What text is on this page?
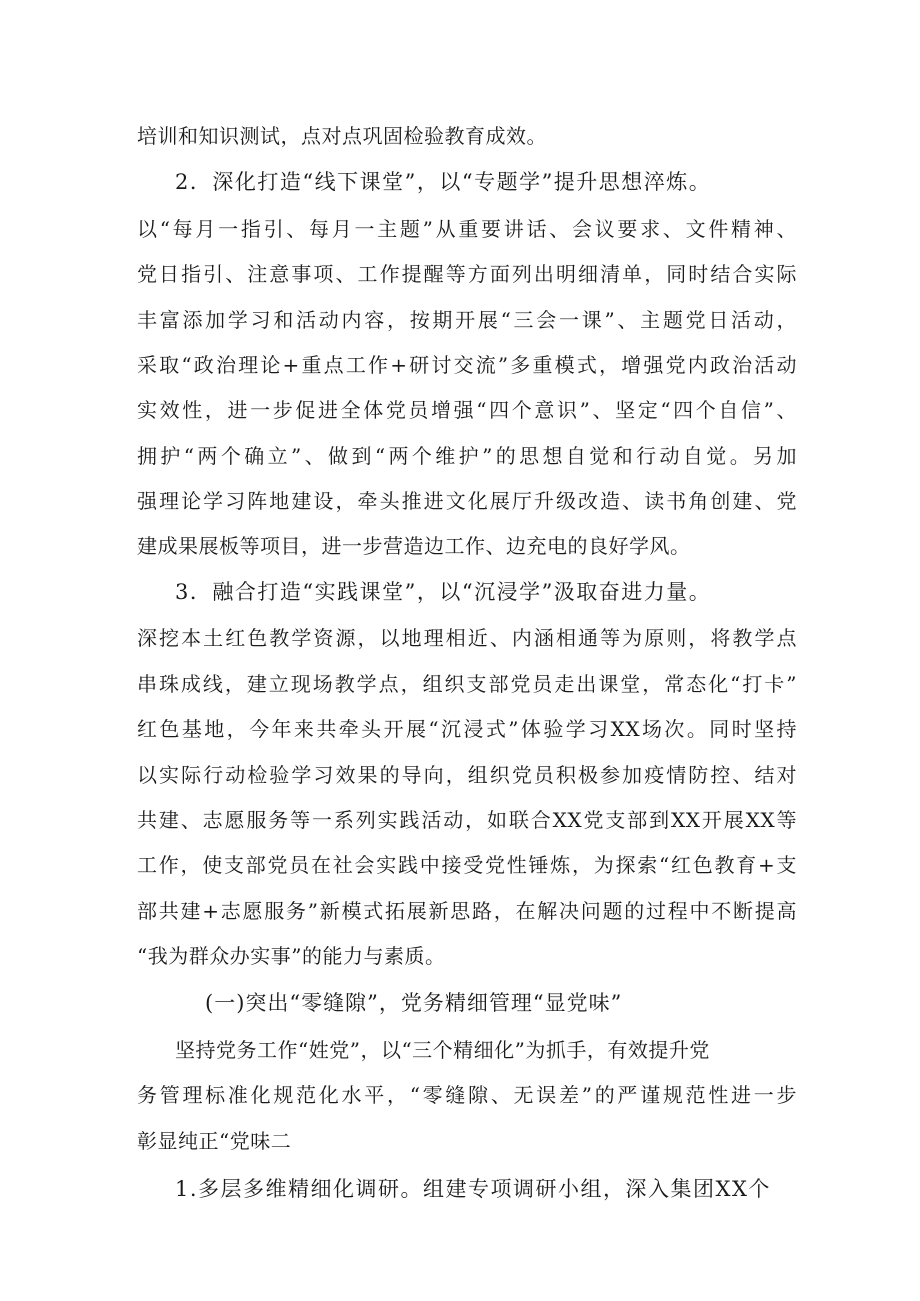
培训和知识测试，点对点巩固检验教育成效。
2．深化打造“线下课堂”，以“专题学”提升思想淬炼。
以“每月一指引、每月一主题”从重要讲话、会议要求、文件精神、
党日指引、注意事项、工作提醒等方面列出明细清单，同时结合实际
丰富添加学习和活动内容，按期开展“三会一课”、主题党日活动，
采取“政治理论+重点工作+研讨交流”多重模式，增强党内政治活动
实效性，进一步促进全体党员增强“四个意识”、坚定“四个自信”、
拥护“两个确立”、做到“两个维护”的思想自觉和行动自觉。另加
强理论学习阵地建设，牵头推进文化展厅升级改造、读书角创建、党
建成果展板等项目，进一步营造边工作、边充电的良好学风。
3．融合打造“实践课堂”，以“沉浸学”汲取奋进力量。
深挖本土红色教学资源，以地理相近、内涵相通等为原则，将教学点
串珠成线，建立现场教学点，组织支部党员走出课堂，常态化“打卡”
红色基地，今年来共牵头开展“沉浸式”体验学习XX场次。同时坚持
以实际行动检验学习效果的导向，组织党员积极参加疫情防控、结对
共建、志愿服务等一系列实践活动，如联合XX党支部到XX开展XX等
工作，使支部党员在社会实践中接受党性锤炼，为探索“红色教育+支
部共建+志愿服务”新模式拓展新思路，在解决问题的过程中不断提高
“我为群众办实事”的能力与素质。
(一)突出“零缝隙”，党务精细管理“显党味”
坚持党务工作“姓党”，以“三个精细化”为抓手，有效提升党
务管理标准化规范化水平，“零缝隙、无误差”的严谨规范性进一步
彰显纯正“党味二
1.多层多维精细化调研。组建专项调研小组，深入集团XX个
